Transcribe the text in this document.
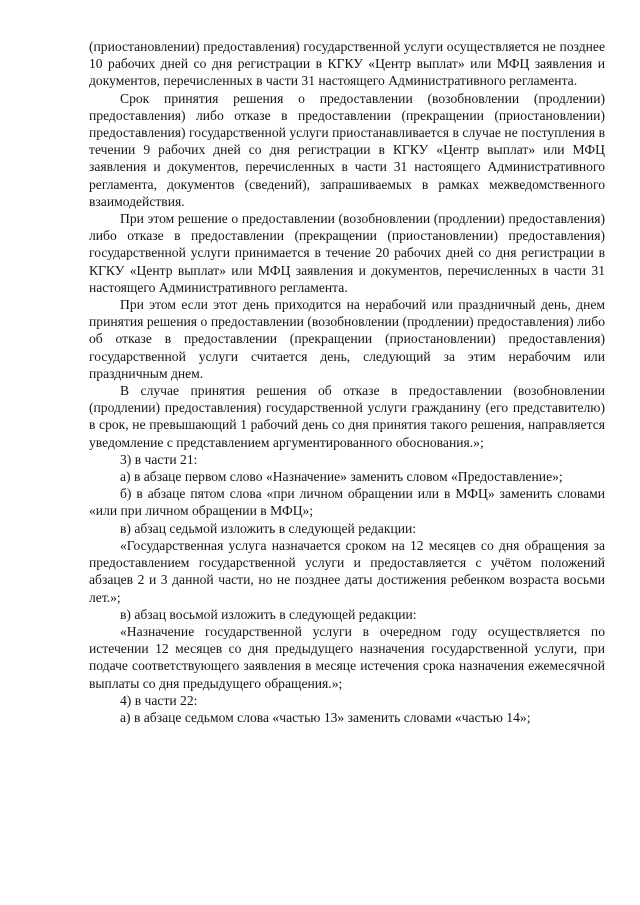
(приостановлении) предоставления) государственной услуги осуществляется не позднее 10 рабочих дней со дня регистрации в КГКУ «Центр выплат» или МФЦ заявления и документов, перечисленных в части 31 настоящего Административного регламента.

Срок принятия решения о предоставлении (возобновлении (продлении) предоставления) либо отказе в предоставлении (прекращении (приостановлении) предоставления) государственной услуги приостанавливается в случае не поступления в течении 9 рабочих дней со дня регистрации в КГКУ «Центр выплат» или МФЦ заявления и документов, перечисленных в части 31 настоящего Административного регламента, документов (сведений), запрашиваемых в рамках межведомственного взаимодействия.

При этом решение о предоставлении (возобновлении (продлении) предоставления) либо отказе в предоставлении (прекращении (приостановлении) предоставления) государственной услуги принимается в течение 20 рабочих дней со дня регистрации в КГКУ «Центр выплат» или МФЦ заявления и документов, перечисленных в части 31 настоящего Административного регламента.

При этом если этот день приходится на нерабочий или праздничный день, днем принятия решения о предоставлении (возобновлении (продлении) предоставления) либо об отказе в предоставлении (прекращении (приостановлении) предоставления) государственной услуги считается день, следующий за этим нерабочим или праздничным днем.

В случае принятия решения об отказе в предоставлении (возобновлении (продлении) предоставления) государственной услуги гражданину (его представителю) в срок, не превышающий 1 рабочий день со дня принятия такого решения, направляется уведомление с представлением аргументированного обоснования.»;

3) в части 21:

а) в абзаце первом слово «Назначение» заменить словом «Предоставление»;

б) в абзаце пятом слова «при личном обращении или в МФЦ» заменить словами «или при личном обращении в МФЦ»;

в) абзац седьмой изложить в следующей редакции:

«Государственная услуга назначается сроком на 12 месяцев со дня обращения за предоставлением государственной услуги и предоставляется с учётом положений абзацев 2 и 3 данной части, но не позднее даты достижения ребенком возраста восьми лет.»;

в) абзац восьмой изложить в следующей редакции:

«Назначение государственной услуги в очередном году осуществляется по истечении 12 месяцев со дня предыдущего назначения государственной услуги, при подаче соответствующего заявления в месяце истечения срока назначения ежемесячной выплаты со дня предыдущего обращения.»;

4) в части 22:

а) в абзаце седьмом слова «частью 13» заменить словами «частью 14»;
